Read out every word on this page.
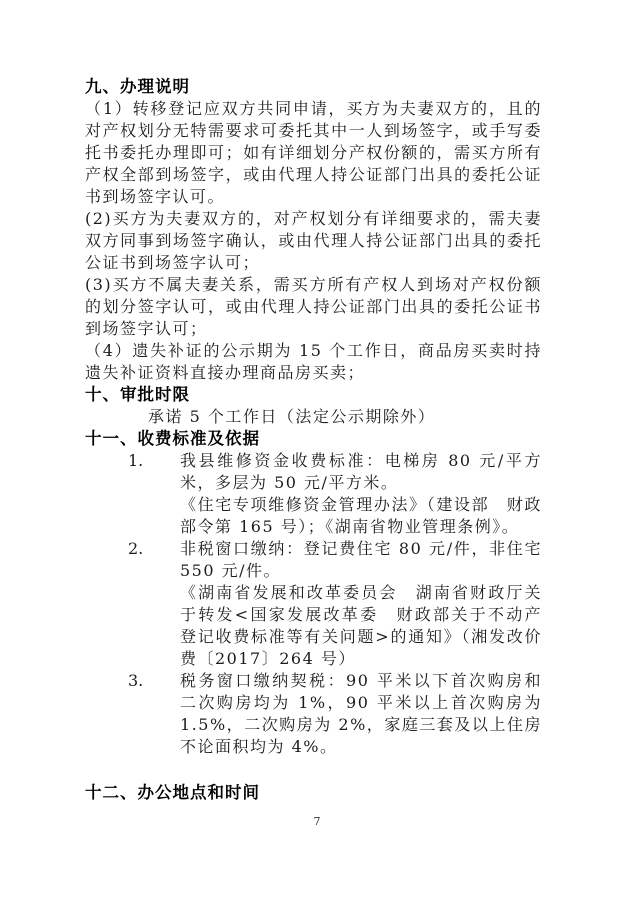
九、办理说明

（1）转移登记应双方共同申请，买方为夫妻双方的，且的对产权划分无特需要求可委托其中一人到场签字，或手写委托书委托办理即可；如有详细划分产权份额的，需买方所有产权全部到场签字，或由代理人持公证部门出具的委托公证书到场签字认可。

(2)买方为夫妻双方的，对产权划分有详细要求的，需夫妻双方同事到场签字确认，或由代理人持公证部门出具的委托公证书到场签字认可；

(3)买方不属夫妻关系，需买方所有产权人到场对产权份额的划分签字认可，或由代理人持公证部门出具的委托公证书到场签字认可；

（4）遗失补证的公示期为 15 个工作日，商品房买卖时持遗失补证资料直接办理商品房买卖；

十、审批时限

承诺 5 个工作日（法定公示期除外）

十一、收费标准及依据
1.	我县维修资金收费标准：电梯房 80 元/平方米，多层为 50 元/平方米。

《住宅专项维修资金管理办法》（建设部　财政部令第 165 号）；《湖南省物业管理条例》。

2.	非税窗口缴纳：登记费住宅 80 元/件，非住宅 550 元/件。

《湖南省发展和改革委员会　湖南省财政厅关于转发<国家发展改革委　财政部关于不动产登记收费标准等有关问题>的通知》（湘发改价费〔2017〕264 号）

3.	税务窗口缴纳契税：90 平米以下首次购房和二次购房均为 1%，90 平米以上首次购房为 1.5%，二次购房为 2%，家庭三套及以上住房不论面积均为 4%。

十二、办公地点和时间
7
